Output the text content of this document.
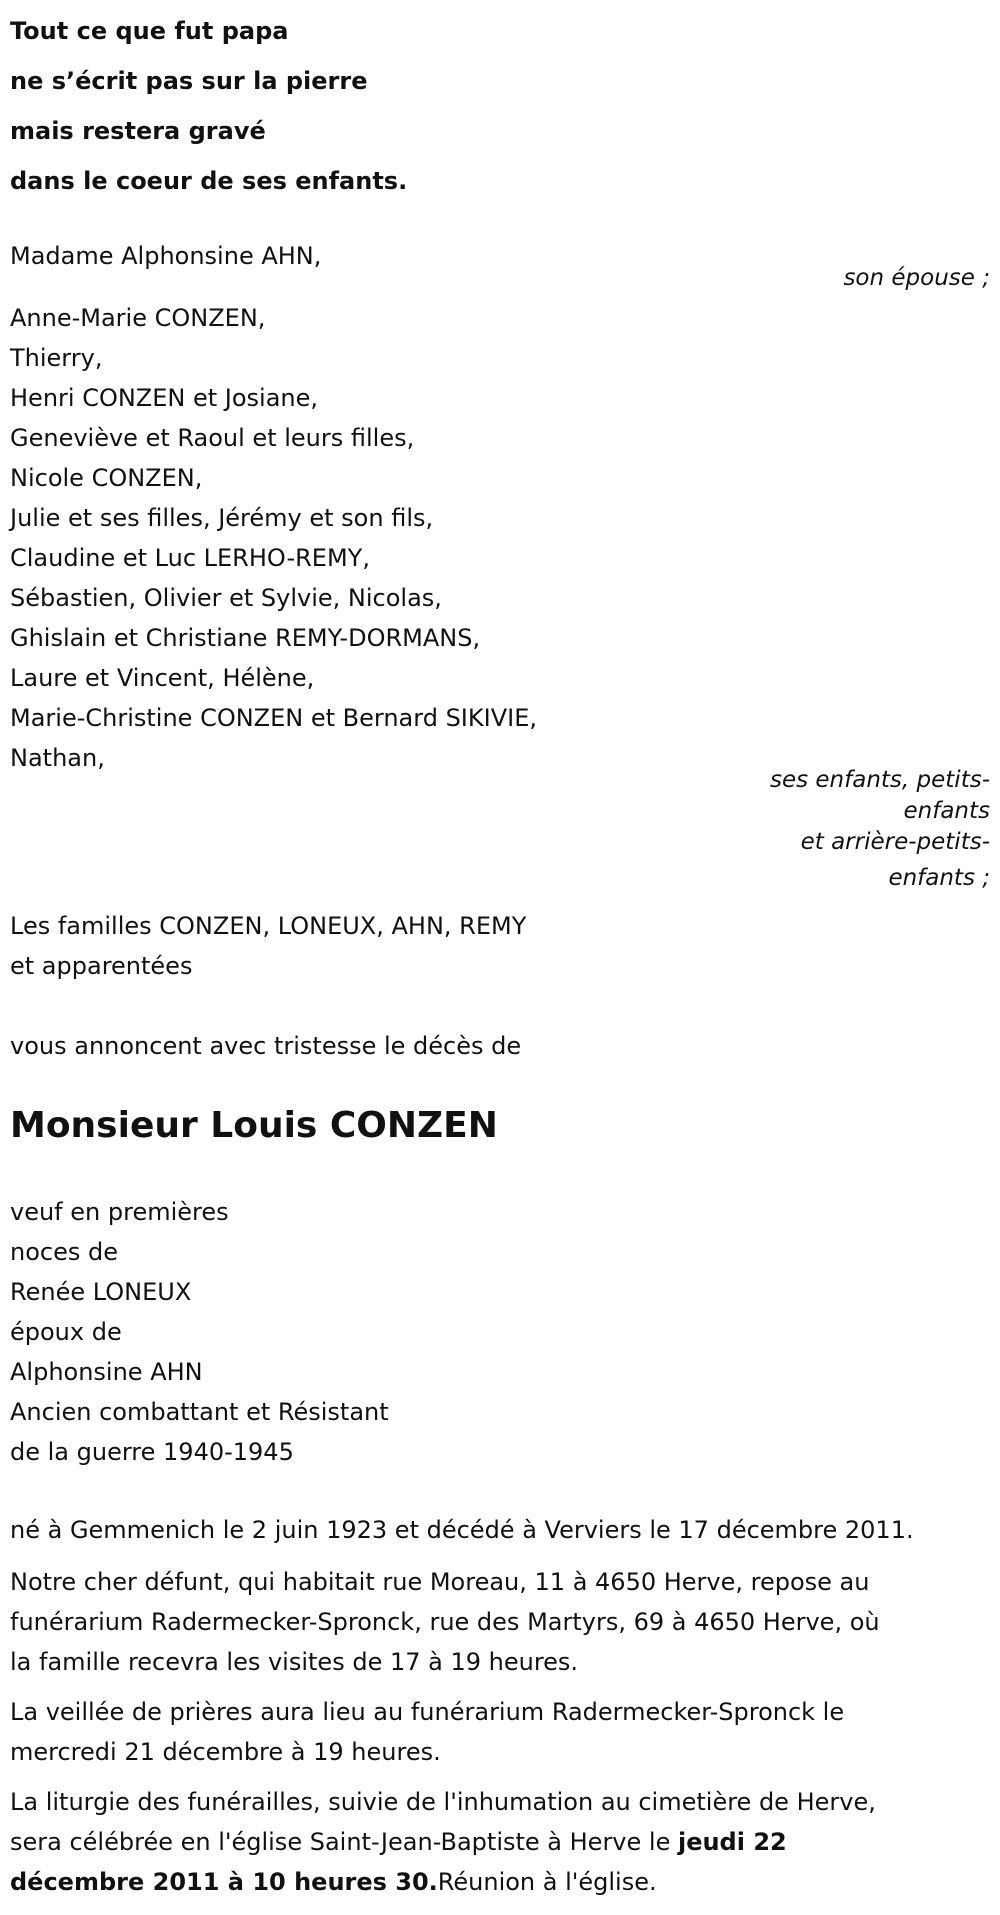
Tout ce que fut papa
ne s’écrit pas sur la pierre
mais restera gravé
dans le coeur de ses enfants.
Madame Alphonsine AHN,

son épouse ;

Anne-Marie CONZEN,
Thierry,
Henri CONZEN et Josiane,
Geneviève et Raoul et leurs filles,
Nicole CONZEN,
Julie et ses filles, Jérémy et son fils,
Claudine et Luc LERHO-REMY,
Sébastien, Olivier et Sylvie, Nicolas,
Ghislain et Christiane REMY-DORMANS,
Laure et Vincent, Hélène,
Marie-Christine CONZEN et Bernard SIKIVIE,
Nathan,
ses enfants, petits-
enfants
et arrière-petits-
enfants ;
Les familles CONZEN, LONEUX, AHN, REMY
et apparentées
vous annoncent avec tristesse le décès de
Monsieur Louis CONZEN
veuf en premières
noces de
Renée LONEUX
époux de
Alphonsine AHN
Ancien combattant et Résistant
de la guerre 1940-1945
né à Gemmenich le 2 juin 1923 et décédé à Verviers le 17 décembre 2011.
Notre cher défunt, qui habitait rue Moreau, 11 à 4650 Herve, repose au
funérarium Radermecker-Spronck, rue des Martyrs, 69 à 4650 Herve, où
la famille recevra les visites de 17 à 19 heures.
La veillée de prières aura lieu au funérarium Radermecker-Spronck le
mercredi 21 décembre à 19 heures.
La liturgie des funérailles, suivie de l'inhumation au cimetière de Herve,
sera célébrée en l'église Saint-Jean-Baptiste à Herve le jeudi 22
décembre 2011 à 10 heures 30.Réunion à l'église.
